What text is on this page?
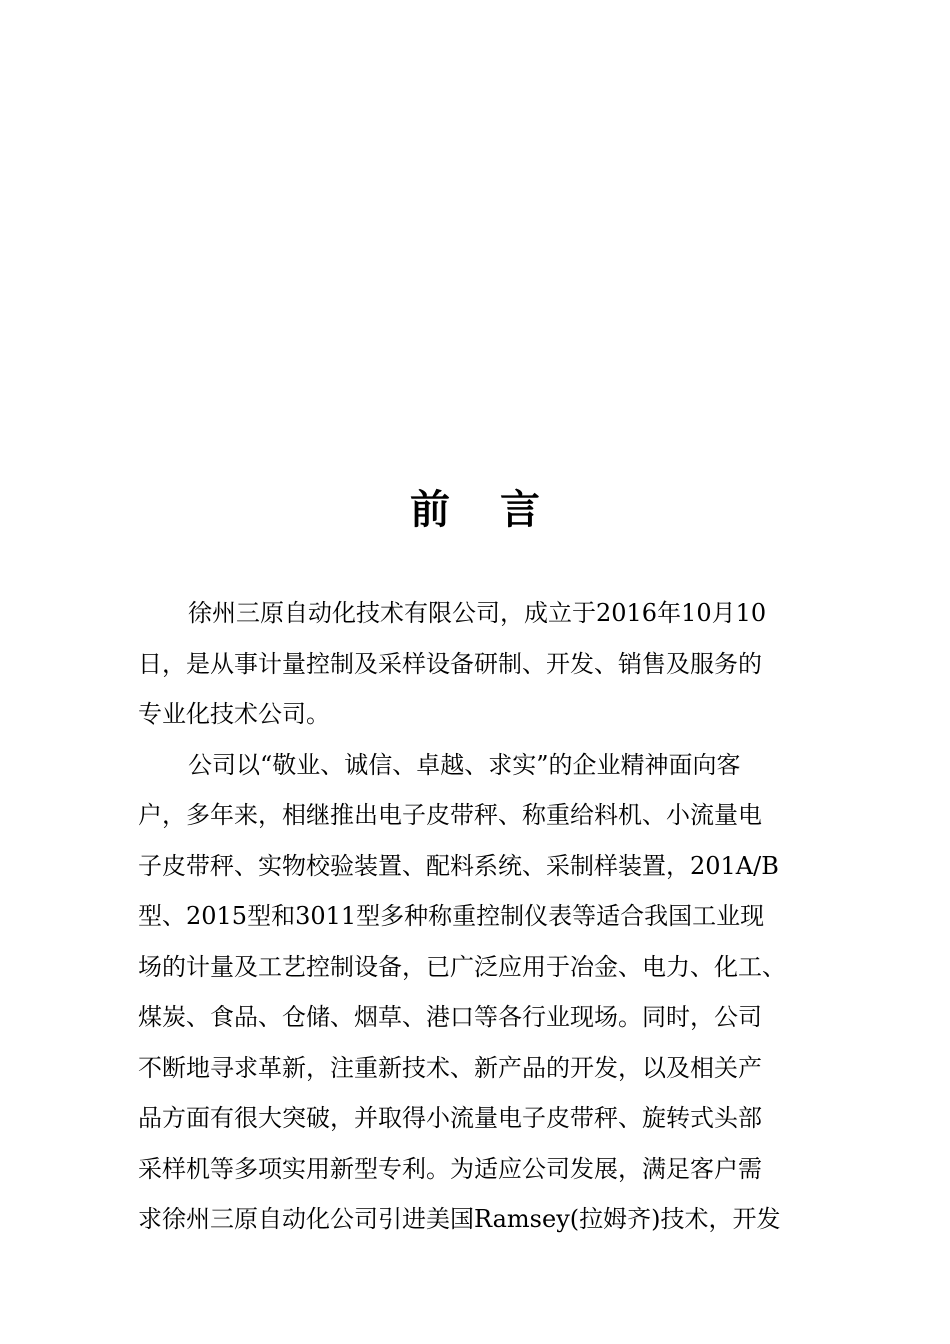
前 言
徐州三原自动化技术有限公司，成立于2016年10月10
日，是从事计量控制及采样设备研制、开发、销售及服务的
专业化技术公司。
公司以“敬业、诚信、卓越、求实”的企业精神面向客
户，多年来，相继推出电子皮带秤、称重给料机、小流量电
子皮带秤、实物校验装置、配料系统、采制样装置，201A/B
型、2015型和3011型多种称重控制仪表等适合我国工业现
场的计量及工艺控制设备，已广泛应用于冶金、电力、化工、
煤炭、食品、仓储、烟草、港口等各行业现场。同时，公司
不断地寻求革新，注重新技术、新产品的开发，以及相关产
品方面有很大突破，并取得小流量电子皮带秤、旋转式头部
采样机等多项实用新型专利。为适应公司发展，满足客户需
求徐州三原自动化公司引进美国Ramsey(拉姆齐)技术，开发
